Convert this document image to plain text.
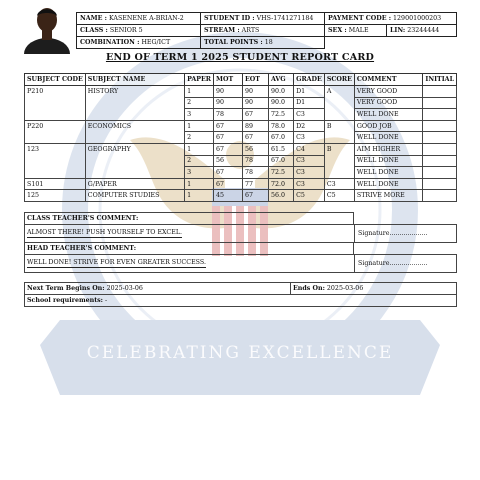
CELEBRATING EXCELLENCE
NAME : KASENENE A-BRIAN-2	STUDENT ID : VHS-1741271184	PAYMENT CODE : 129001000203	
CLASS : SENIOR 5	STREAM : ARTS	SEX : MALE	LIN: 23244444
COMBINATION : HEG/ICT	TOTAL POINTS : 18		
END OF TERM 1 2025 STUDENT REPORT CARD
SUBJECT CODE	SUBJECT NAME	PAPER	MOT	EOT	AVG	GRADE	SCORE	COMMENT	INITIAL
P210	HISTORY	1	90	90	90.0	D1	A	VERY GOOD	
		2	90	90	90.0	D1		VERY GOOD	
		3	78	67	72.5	C3		WELL DONE	
P220	ECONOMICS	1	67	89	78.0	D2	B	GOOD JOB	
		2	67	67	67.0	C3		WELL DONE	
123	GEOGRAPHY	1	67	56	61.5	C4	B	AIM HIGHER	
		2	56	78	67.0	C3		WELL DONE	
		3	67	78	72.5	C3		WELL DONE	
S101	G/PAPER	1	67	77	72.0	C3	C3	WELL DONE	
125	COMPUTER STUDIES	1	45	67	56.0	C5	C5	STRIVE MORE	
CLASS TEACHER'S COMMENT:
ALMOST THERE! PUSH YOURSELF TO EXCEL.	Signature...................
HEAD TEACHER'S COMMENT:
WELL DONE! STRIVE FOR EVEN GREATER SUCCESS.	Signature...................
Next Term Begins On: 2025-03-06	Ends On: 2025-03-06
School requirements: -
